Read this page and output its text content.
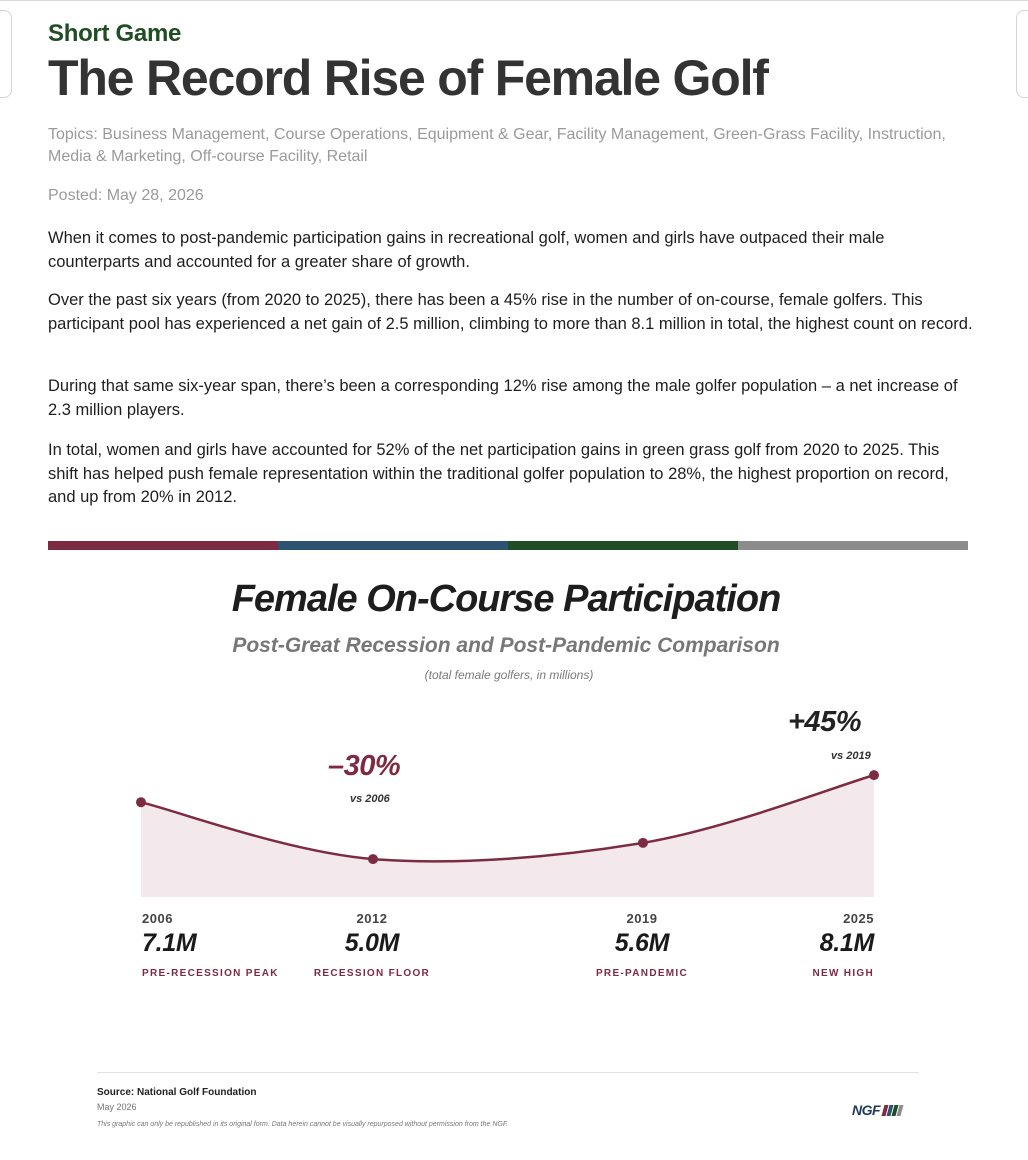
Short Game
The Record Rise of Female Golf
Topics: Business Management, Course Operations, Equipment & Gear, Facility Management, Green-Grass Facility, Instruction, Media & Marketing, Off-course Facility, Retail
Posted: May 28, 2026

When it comes to post-pandemic participation gains in recreational golf, women and girls have outpaced their male counterparts and accounted for a greater share of growth.

Over the past six years (from 2020 to 2025), there has been a 45% rise in the number of on-course, female golfers. This participant pool has experienced a net gain of 2.5 million, climbing to more than 8.1 million in total, the highest count on record.

During that same six-year span, there’s been a corresponding 12% rise among the male golfer population – a net increase of 2.3 million players.

In total, women and girls have accounted for 52% of the net participation gains in green grass golf from 2020 to 2025. This shift has helped push female representation within the traditional golfer population to 28%, the highest proportion on record, and up from 20% in 2012.

Female On-Course Participation
Post-Great Recession and Post-Pandemic Comparison
(total female golfers, in millions)
–30%
vs 2006
+45%
vs 2019
2006
7.1M
PRE-RECESSION PEAK
2012
5.0M
RECESSION FLOOR
2019
5.6M
PRE-PANDEMIC
2025
8.1M
NEW HIGH
Source: National Golf Foundation
May 2026
This graphic can only be republished in its original form. Data herein cannot be visually repurposed without permission from the NGF.
NGF
